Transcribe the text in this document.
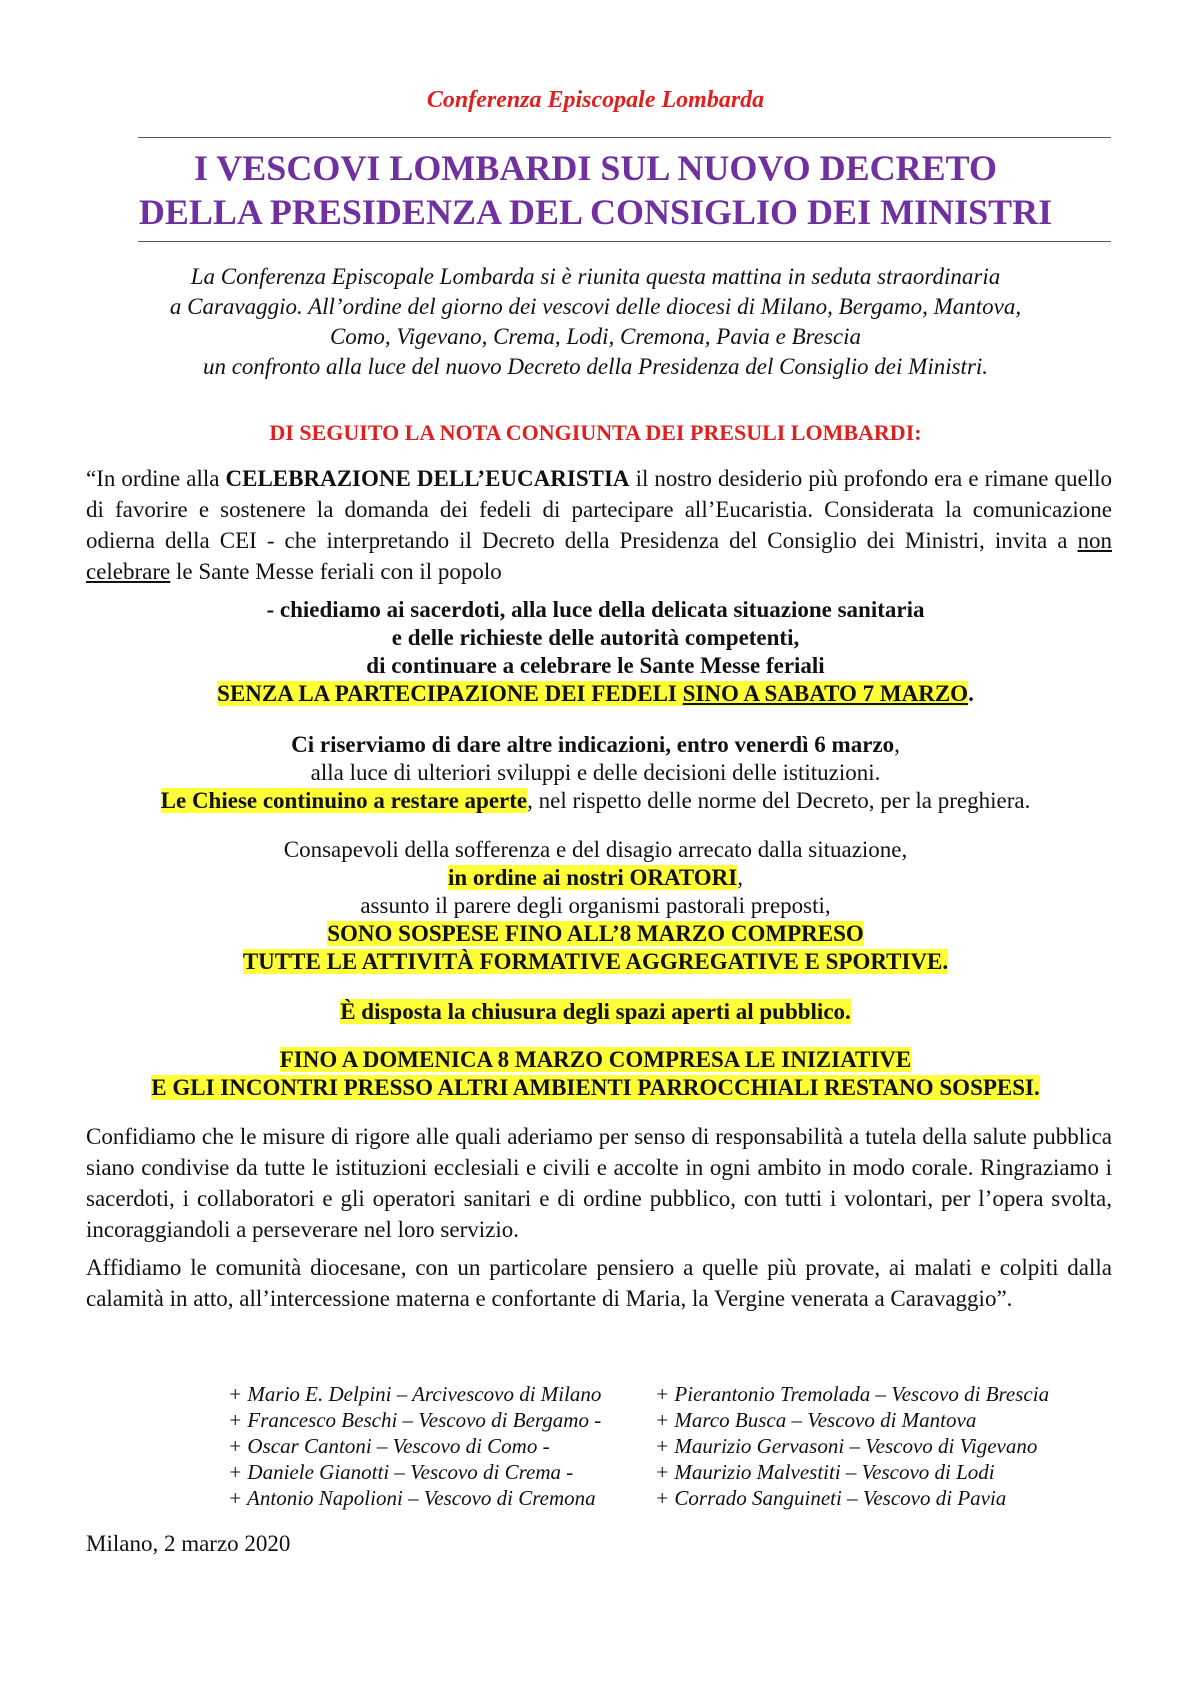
Conferenza Episcopale Lombarda
I VESCOVI LOMBARDI SUL NUOVO DECRETO
DELLA PRESIDENZA DEL CONSIGLIO DEI MINISTRI
La Conferenza Episcopale Lombarda si è riunita questa mattina in seduta straordinaria
a Caravaggio. All’ordine del giorno dei vescovi delle diocesi di Milano, Bergamo, Mantova,
Como, Vigevano, Crema, Lodi, Cremona, Pavia e Brescia
un confronto alla luce del nuovo Decreto della Presidenza del Consiglio dei Ministri.
DI SEGUITO LA NOTA CONGIUNTA DEI PRESULI LOMBARDI:
“In ordine alla CELEBRAZIONE DELL’EUCARISTIA il nostro desiderio più profondo era e rimane quello di favorire e sostenere la domanda dei fedeli di partecipare all’Eucaristia. Considerata la comunicazione odierna della CEI - che interpretando il Decreto della Presidenza del Consiglio dei Ministri, invita a non celebrare le Sante Messe feriali con il popolo
- chiediamo ai sacerdoti, alla luce della delicata situazione sanitaria
e delle richieste delle autorità competenti,
di continuare a celebrare le Sante Messe feriali
SENZA LA PARTECIPAZIONE DEI FEDELI SINO A SABATO 7 MARZO.
Ci riserviamo di dare altre indicazioni, entro venerdì 6 marzo,
alla luce di ulteriori sviluppi e delle decisioni delle istituzioni.
Le Chiese continuino a restare aperte, nel rispetto delle norme del Decreto, per la preghiera.
Consapevoli della sofferenza e del disagio arrecato dalla situazione,
in ordine ai nostri ORATORI,
assunto il parere degli organismi pastorali preposti,
SONO SOSPESE FINO ALL’8 MARZO COMPRESO
TUTTE LE ATTIVITÀ FORMATIVE AGGREGATIVE E SPORTIVE.
È disposta la chiusura degli spazi aperti al pubblico.
FINO A DOMENICA 8 MARZO COMPRESA LE INIZIATIVE
E GLI INCONTRI PRESSO ALTRI AMBIENTI PARROCCHIALI RESTANO SOSPESI.
Confidiamo che le misure di rigore alle quali aderiamo per senso di responsabilità a tutela della salute pubblica siano condivise da tutte le istituzioni ecclesiali e civili e accolte in ogni ambito in modo corale. Ringraziamo i sacerdoti, i collaboratori e gli operatori sanitari e di ordine pubblico, con tutti i volontari, per l’opera svolta, incoraggiandoli a perseverare nel loro servizio.
Affidiamo le comunità diocesane, con un particolare pensiero a quelle più provate, ai malati e colpiti dalla calamità in atto, all’intercessione materna e confortante di Maria, la Vergine venerata a Caravaggio”.
+ Mario E. Delpini – Arcivescovo di Milano
+ Francesco Beschi – Vescovo di Bergamo -
+ Oscar Cantoni – Vescovo di Como -
+ Daniele Gianotti – Vescovo di Crema -
+ Antonio Napolioni – Vescovo di Cremona
+ Pierantonio Tremolada – Vescovo di Brescia
+ Marco Busca – Vescovo di Mantova
+ Maurizio Gervasoni – Vescovo di Vigevano
+ Maurizio Malvestiti – Vescovo di Lodi
+ Corrado Sanguineti – Vescovo di Pavia
Milano, 2 marzo 2020
